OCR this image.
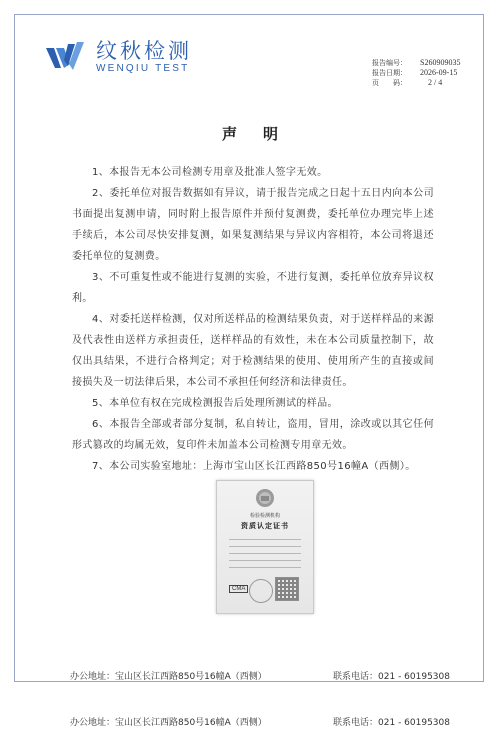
纹秋检测
WENQIU TEST	报告编号：	S260909035
报告日期：	2026-09-15
页　　码：	2 / 4
声明

1、本报告无本公司检测专用章及批准人签字无效。

2、委托单位对报告数据如有异议，请于报告完成之日起十五日内向本公司书面提出复测申请，同时附上报告原件并预付复测费，委托单位办理完毕上述手续后，本公司尽快安排复测，如果复测结果与异议内容相符，本公司将退还委托单位的复测费。

3、不可重复性或不能进行复测的实验，不进行复测，委托单位放弃异议权利。

4、对委托送样检测，仅对所送样品的检测结果负责，对于送样样品的来源及代表性由送样方承担责任，送样样品的有效性，未在本公司质量控制下，故仅出具结果，不进行合格判定；对于检测结果的使用、使用所产生的直接或间接损失及一切法律后果，本公司不承担任何经济和法律责任。

5、本单位有权在完成检测报告后处理所测试的样品。

6、本报告全部或者部分复制，私自转让，盗用，冒用，涂改或以其它任何形式篡改的均属无效，复印件未加盖本公司检测专用章无效。

7、本公司实验室地址：上海市宝山区长江西路850号16幢A（西侧）。

检验检测机构
资质认定证书
CMA
办公地址：宝山区长江西路850号16幢A（西侧）	联系电话：021 - 60195308
办公地址：宝山区长江西路850号16幢A（西侧）	联系电话：021 - 60195308
